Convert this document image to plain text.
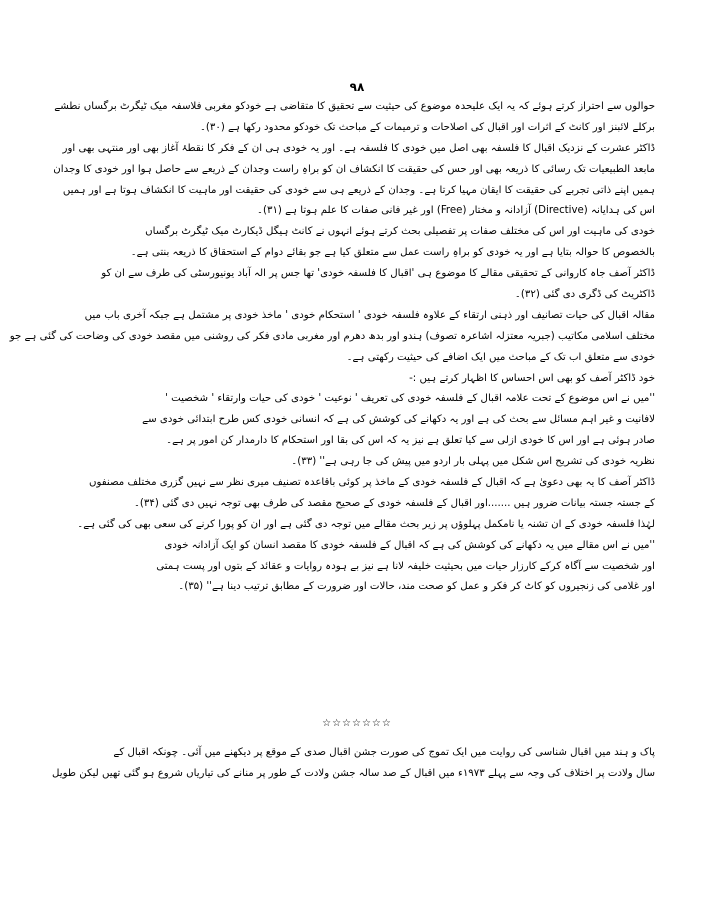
۹۸
حوالوں سے احتراز کرتے ہوئے کہ یہ ایک علیحدہ موضوع کی حیثیت سے تحقیق کا متقاضی ہے خودکو مغربی فلاسفہ میک ٹیگرٹ برگساں نطشے
برکلے لائبنز اور کانٹ کے اثرات اور اقبال کی اصلاحات و ترمیمات کے مباحث تک خودکو محدود رکھا ہے (۳۰)۔
ڈاکٹر عشرت کے نزدیک اقبال کا فلسفہ بھی اصل میں خودی کا فلسفہ ہے۔ اور یہ خودی ہی ان کے فکر کا نقطۂ آغاز بھی اور منتہی بھی اور
مابعد الطبیعیات تک رسائی کا ذریعہ بھی اور حس کی حقیقت کا انکشاف ان کو براہِ راست وجدان کے ذریعے سے حاصل ہوا اور خودی کا وجدان
ہمیں اپنے ذاتی تجربے کی حقیقت کا ایقان مہیا کرتا ہے۔ وجدان کے ذریعے ہی سے خودی کی حقیقت اور ماہیت کا انکشاف ہوتا ہے اور ہمیں
اس کی ہدایانہ (Directive) آزادانہ و مختار (Free) اور غیر فانی صفات کا علم ہوتا ہے (۳۱)۔
خودی کی ماہیت اور اس کی مختلف صفات پر تفصیلی بحث کرتے ہوئے انہوں نے کانٹ ہیگل ڈیکارٹ میک ٹیگرٹ برگساں
بالخصوص کا حوالہ بتایا ہے اور یہ خودی کو براہِ راست عمل سے متعلق کیا ہے جو بقائے دوام کے استحقاق کا ذریعہ بنتی ہے۔
ڈاکٹر آصف جاہ کاروانی کے تحقیقی مقالے کا موضوع ہی 'اقبال کا فلسفہ خودی' تھا جس پر الہ آباد یونیورسٹی کی طرف سے ان کو
ڈاکٹریٹ کی ڈگری دی گئی (۳۲)۔
مقالہ اقبال کی حیات تصانیف اور ذہنی ارتقاء کے علاوہ فلسفہ خودی ' استحکام خودی ' ماخذ خودی پر مشتمل ہے جبکہ آخری باب میں
مختلف اسلامی مکاتیب (جبریہ معتزلہ اشاعرہ تصوف) ہندو اور بدھ دھرم اور مغربی مادی فکر کی روشنی میں مقصد خودی کی وضاحت کی گئی ہے جو
خودی سے متعلق اب تک کے مباحث میں ایک اضافے کی حیثیت رکھتی ہے۔
خود ڈاکٹر آصف کو بھی اس احساس کا اظہار کرتے ہیں :-
''میں نے اس موضوع کے تحت علامہ اقبال کے فلسفہ خودی کی تعریف ' نوعیت ' خودی کی حیات وارتقاء ' شخصیت '
لافانیت و غیر اہم مسائل سے بحث کی ہے اور یہ دکھانے کی کوشش کی ہے کہ انسانی خودی کس طرح ابتدائی خودی سے
صادر ہوئی ہے اور اس کا خودی ازلی سے کیا تعلق ہے نیز یہ کہ اس کی بقا اور استحکام کا دارمدار کن امور پر ہے۔
نظریہ خودی کی تشریح اس شکل میں پہلی بار اردو میں پیش کی جا رہی ہے'' (۳۳)۔
ڈاکٹر آصف کا یہ بھی دعویٰ ہے کہ اقبال کے فلسفہ خودی کے ماخذ پر کوئی باقاعدہ تصنیف میری نظر سے نہیں گزری مختلف مصنفوں
کے جستہ جستہ بیانات ضرور ہیں .......اور اقبال کے فلسفہ خودی کے صحیح مقصد کی طرف بھی توجہ نہیں دی گئی (۳۴)۔
لہٰذا فلسفہ خودی کے ان تشنہ یا نامکمل پہلوؤں پر زیر بحث مقالے میں توجہ دی گئی ہے اور ان کو پورا کرنے کی سعی بھی کی گئی ہے۔
''میں نے اس مقالے میں یہ دکھانے کی کوشش کی ہے کہ اقبال کے فلسفہ خودی کا مقصد انسان کو ایک آزادانہ خودی
اور شخصیت سے آگاہ کرکے کارزار حیات میں بحیثیت خلیفہ لانا ہے نیز بے ہودہ روایات و عقائد کے بتوں اور پست ہمتی
اور غلامی کی زنجیروں کو کاٹ کر فکر و عمل کو صحت مند، حالات اور ضرورت کے مطابق ترتیب دینا ہے'' (۳۵)۔
☆☆☆☆☆☆☆
پاک و ہند میں اقبال شناسی کی روایت میں ایک تموج کی صورت جشن اقبال صدی کے موقع پر دیکھنے میں آئی۔ چونکہ اقبال کے
سال ولادت پر اختلاف کی وجہ سے پہلے ۱۹۷۳ء میں اقبال کے صد سالہ جشن ولادت کے طور پر منانے کی تیاریاں شروع ہو گئی تھیں لیکن طویل
